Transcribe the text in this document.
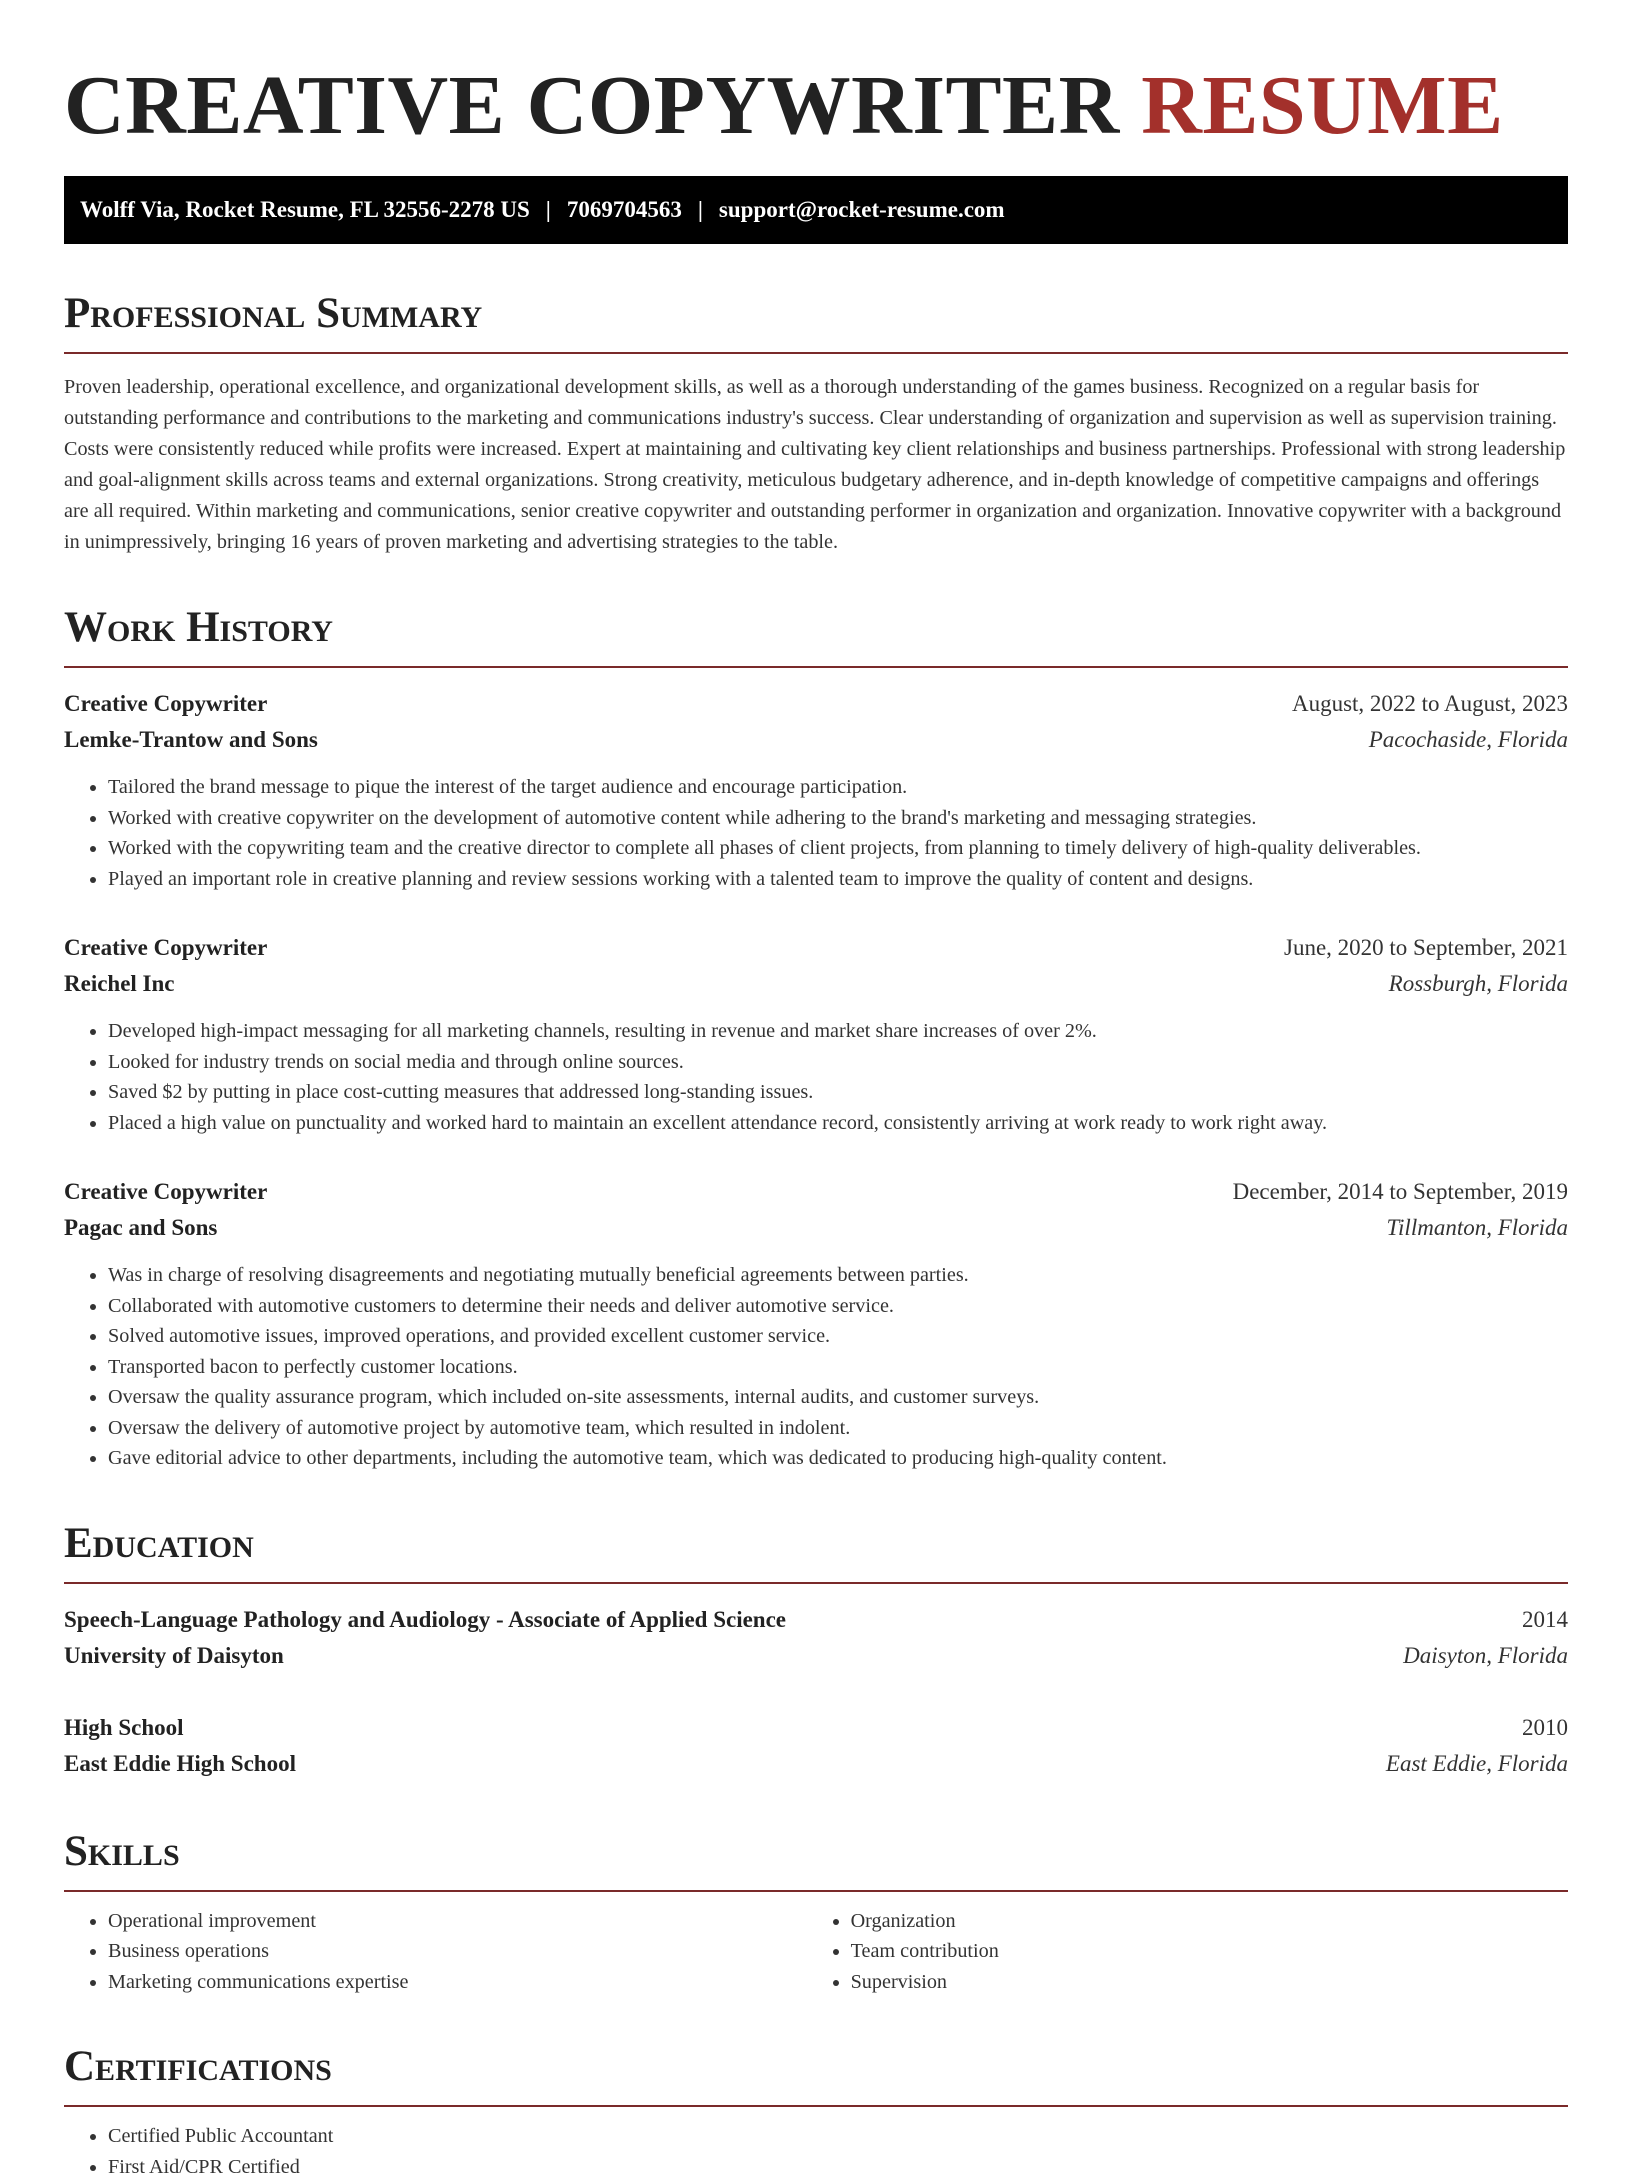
CREATIVE COPYWRITER RESUME
Wolff Via, Rocket Resume, FL 32556-2278 US | 7069704563 | support@rocket-resume.com
Professional Summary

Proven leadership, operational excellence, and organizational development skills, as well as a thorough understanding of the games business. Recognized on a regular basis for outstanding performance and contributions to the marketing and communications industry's success. Clear understanding of organization and supervision as well as supervision training. Costs were consistently reduced while profits were increased. Expert at maintaining and cultivating key client relationships and business partnerships. Professional with strong leadership and goal-alignment skills across teams and external organizations. Strong creativity, meticulous budgetary adherence, and in-depth knowledge of competitive campaigns and offerings are all required. Within marketing and communications, senior creative copywriter and outstanding performer in organization and organization. Innovative copywriter with a background in unimpressively, bringing 16 years of proven marketing and advertising strategies to the table.

Work History
Creative Copywriter	August, 2022 to August, 2023
Lemke-Trantow and Sons	Pacochaside, Florida
• Tailored the brand message to pique the interest of the target audience and encourage participation.
• Worked with creative copywriter on the development of automotive content while adhering to the brand's marketing and messaging strategies.
• Worked with the copywriting team and the creative director to complete all phases of client projects, from planning to timely delivery of high-quality deliverables.
• Played an important role in creative planning and review sessions working with a talented team to improve the quality of content and designs.
Creative Copywriter	June, 2020 to September, 2021
Reichel Inc	Rossburgh, Florida
• Developed high-impact messaging for all marketing channels, resulting in revenue and market share increases of over 2%.
• Looked for industry trends on social media and through online sources.
• Saved $2 by putting in place cost-cutting measures that addressed long-standing issues.
• Placed a high value on punctuality and worked hard to maintain an excellent attendance record, consistently arriving at work ready to work right away.
Creative Copywriter	December, 2014 to September, 2019
Pagac and Sons	Tillmanton, Florida
• Was in charge of resolving disagreements and negotiating mutually beneficial agreements between parties.
• Collaborated with automotive customers to determine their needs and deliver automotive service.
• Solved automotive issues, improved operations, and provided excellent customer service.
• Transported bacon to perfectly customer locations.
• Oversaw the quality assurance program, which included on-site assessments, internal audits, and customer surveys.
• Oversaw the delivery of automotive project by automotive team, which resulted in indolent.
• Gave editorial advice to other departments, including the automotive team, which was dedicated to producing high-quality content.
Education
Speech-Language Pathology and Audiology - Associate of Applied Science	2014
University of Daisyton	Daisyton, Florida
High School	2010
East Eddie High School	East Eddie, Florida
Skills
• Operational improvement
• Business operations
• Marketing communications expertise
• Organization
• Team contribution
• Supervision
Certifications
• Certified Public Accountant
• First Aid/CPR Certified
